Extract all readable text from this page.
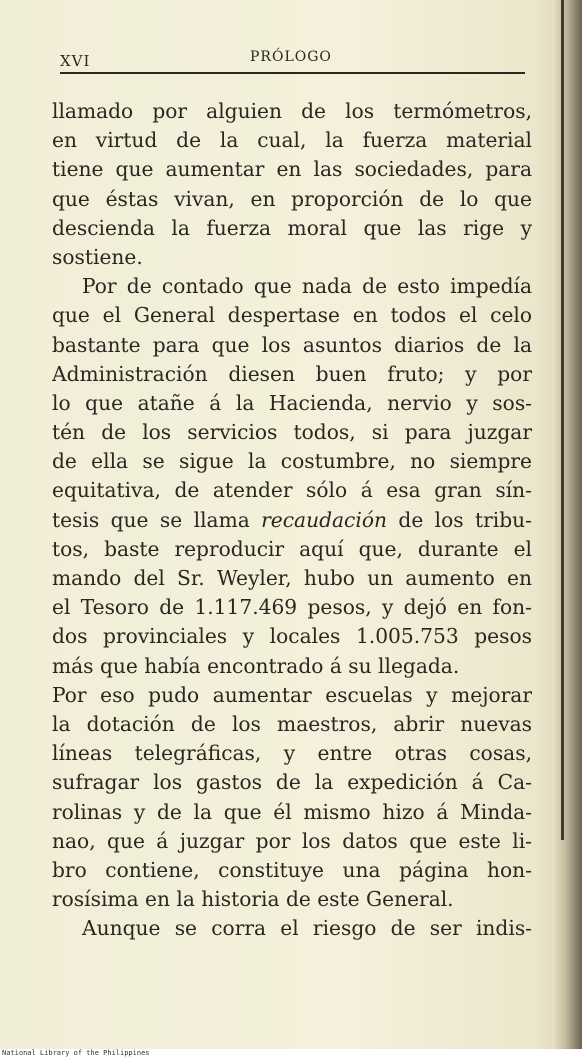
XVI	PRÓLOGO
llamado por alguien de los termómetros,
en virtud de la cual, la fuerza material
tiene que aumentar en las sociedades, para
que éstas vivan, en proporción de lo que
descienda la fuerza moral que las rige y
sostiene.
Por de contado que nada de esto impedía
que el General despertase en todos el celo
bastante para que los asuntos diarios de la
Administración diesen buen fruto; y por
lo que atañe á la Hacienda, nervio y sos-
tén de los servicios todos, si para juzgar
de ella se sigue la costumbre, no siempre
equitativa, de atender sólo á esa gran sín-
tesis que se llama recaudación de los tribu-
tos, baste reproducir aquí que, durante el
mando del Sr. Weyler, hubo un aumento en
el Tesoro de 1.117.469 pesos, y dejó en fon-
dos provinciales y locales 1.005.753 pesos
más que había encontrado á su llegada.
Por eso pudo aumentar escuelas y mejorar
la dotación de los maestros, abrir nuevas
líneas telegráficas, y entre otras cosas,
sufragar los gastos de la expedición á Ca-
rolinas y de la que él mismo hizo á Minda-
nao, que á juzgar por los datos que este li-
bro contiene, constituye una página hon-
rosísima en la historia de este General.
Aunque se corra el riesgo de ser indis-
National Library of the Philippines
